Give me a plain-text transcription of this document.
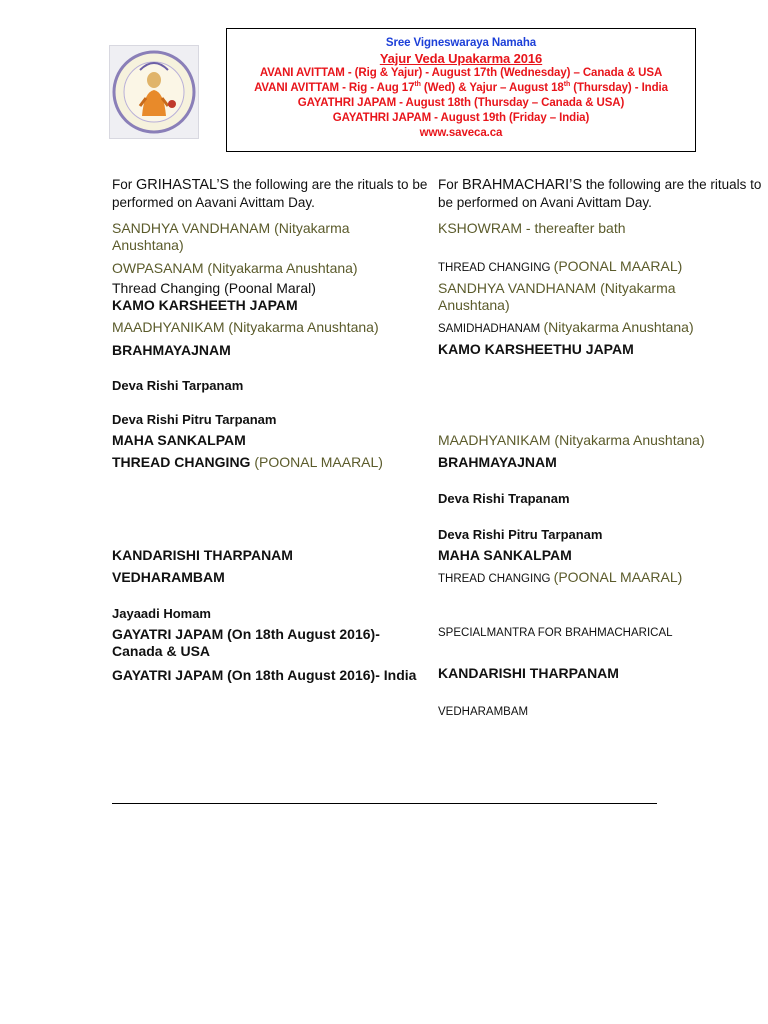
Sree Vigneswaraya Namaha
Yajur Veda Upakarma 2016
AVANI AVITTAM - (Rig & Yajur) - August 17th (Wednesday) – Canada & USA
AVANI AVITTAM - Rig - Aug 17th (Wed) & Yajur – August 18th (Thursday) - India
GAYATHRI JAPAM - August 18th (Thursday – Canada & USA)
GAYATHRI JAPAM - August 19th (Friday – India)
www.saveca.ca
For GRIHASTAL’S the following are the rituals to be performed on Aavani Avittam Day.
SANDHYA VANDHANAM (Nityakarma Anushtana)
OWPASANAM (Nityakarma Anushtana)
Thread Changing (Poonal Maral)
KAMO KARSHEETH JAPAM
MAADHYANIKAM (Nityakarma Anushtana)
BRAHMAYAJNAM
Deva Rishi Tarpanam
Deva Rishi Pitru Tarpanam
MAHA SANKALPAM
THREAD CHANGING (POONAL MAARAL)
KANDARISHI THARPANAM
VEDHARAMBAM
Jayaadi Homam
GAYATRI JAPAM (On 18th August 2016)- Canada & USA
GAYATRI JAPAM (On 18th August 2016)- India
For BRAHMACHARI’S the following are the rituals to be performed on Avani Avittam Day.
KSHOWRAM - thereafter bath
THREAD CHANGING (POONAL MAARAL)
SANDHYA VANDHANAM (Nityakarma Anushtana)
SAMIDHADHANAM (Nityakarma Anushtana)
KAMO KARSHEETHU JAPAM
MAADHYANIKAM (Nityakarma Anushtana)
BRAHMAYAJNAM
Deva Rishi Trapanam
Deva Rishi Pitru Tarpanam
MAHA SANKALPAM
THREAD CHANGING (POONAL MAARAL)
SPECIALMANTRA FOR BRAHMACHARICAL
KANDARISHI THARPANAM
VEDHARAMBAM
